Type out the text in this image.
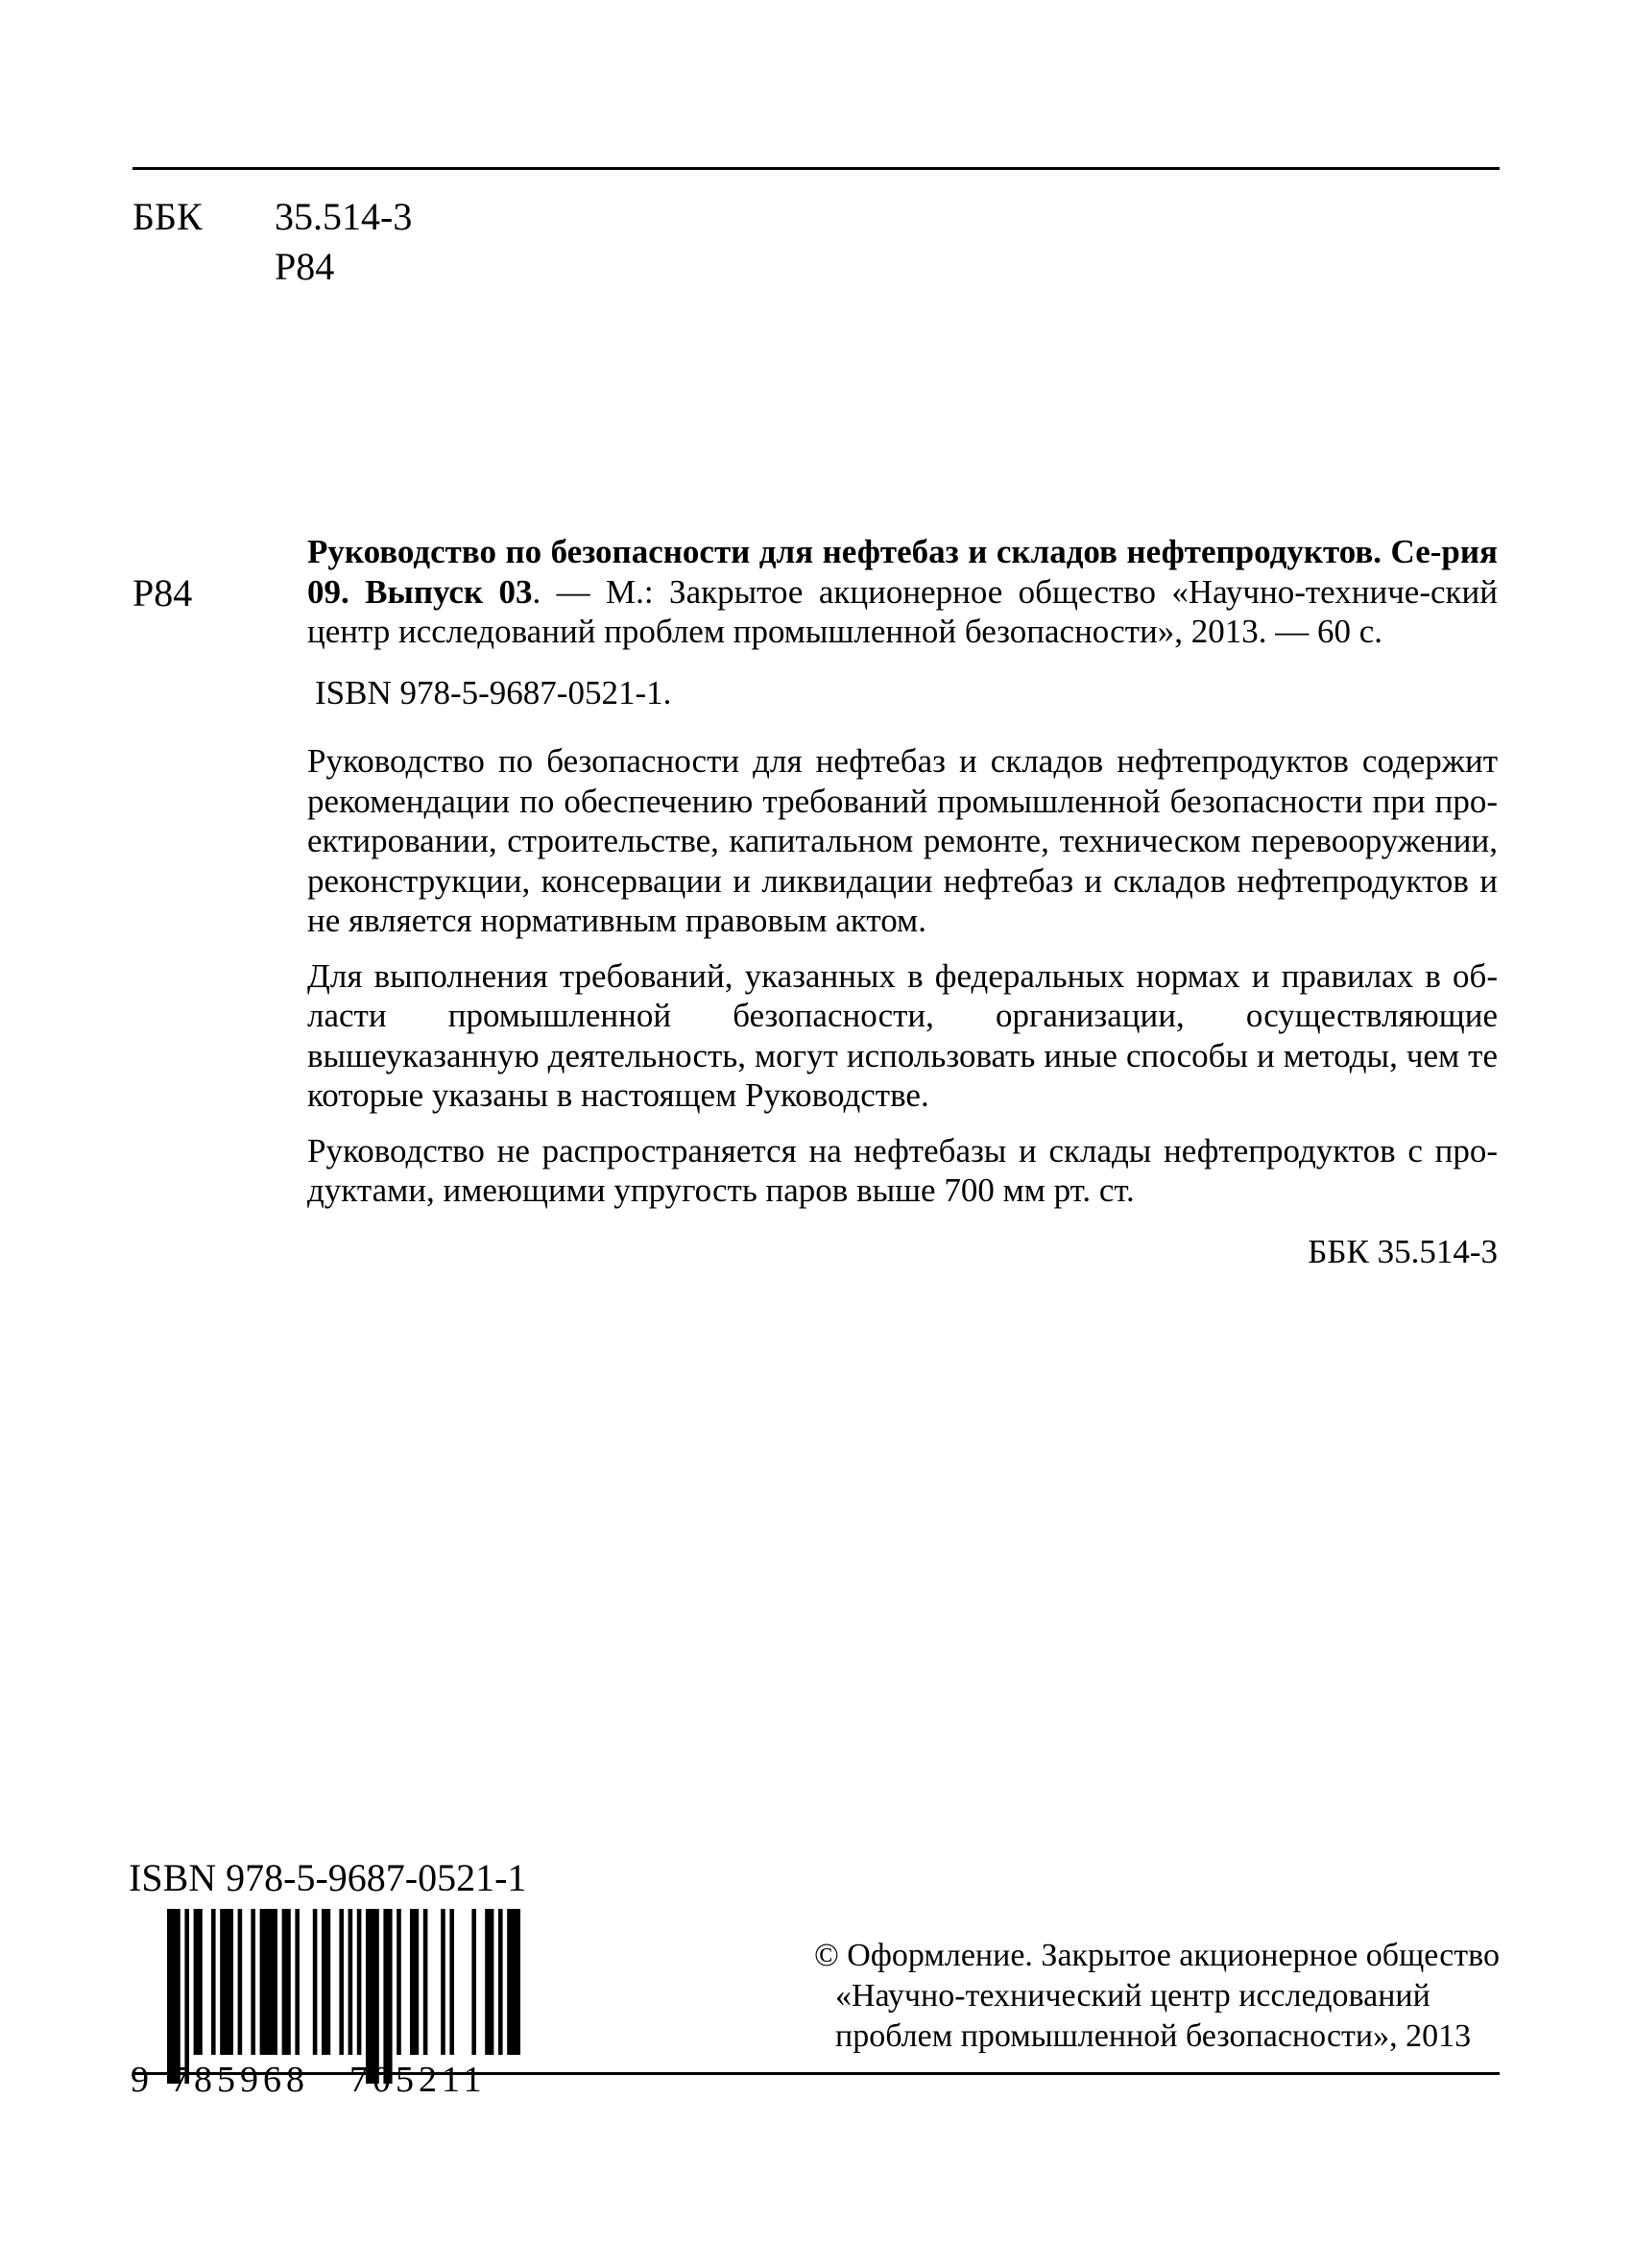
ББК 35.514-3
Р84
Р84

Руководство по безопасности для нефтебаз и складов нефтепродуктов. Се-рия 09. Выпуск 03. — М.: Закрытое акционерное общество «Научно-техниче-ский центр исследований проблем промышленной безопасности», 2013. — 60 с.

ISBN 978-5-9687-0521-1.

Руководство по безопасности для нефтебаз и складов нефтепродуктов содержит рекомендации по обеспечению требований промышленной безопасности при про-ектировании, строительстве, капитальном ремонте, техническом перевооружении, реконструкции, консервации и ликвидации нефтебаз и складов нефтепродуктов и не является нормативным правовым актом.

Для выполнения требований, указанных в федеральных нормах и правилах в об-ласти промышленной безопасности, организации, осуществляющие вышеуказанную деятельность, могут использовать иные способы и методы, чем те которые указаны в настоящем Руководстве.

Руководство не распространяется на нефтебазы и склады нефтепродуктов с про-дуктами, имеющими упругость паров выше 700 мм рт. ст.

ББК 35.514-3
ISBN 978-5-9687-0521-1
9 785968 705211
© Оформление. Закрытое акционерное общество
«Научно-технический центр исследований
проблем промышленной безопасности», 2013
